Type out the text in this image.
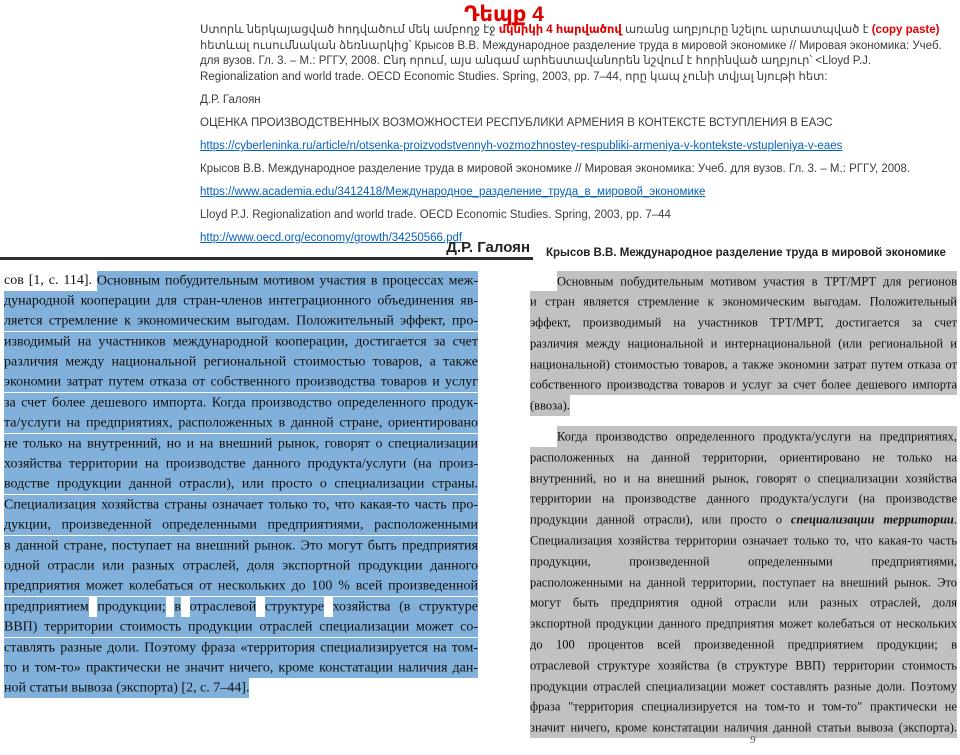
Դեպք 4
Ստորև ներկայացված հոդվածում մեկ ամբողջ էջ մկնիկի 4 հարվածով առանց աղբյուրը նշելու արտատպված է (copy paste) հետևալ ուսումնական ձեռնարկից՝ Крысов В.В. Международное разделение труда в мировой экономике // Мировая экономика: Учеб. для вузов. Гл. 3. – М.: РГГУ, 2008. Ընդ որում, այս անգամ արհեստավանորեն նշվում է հորինված աղբյուր՝ <Lloyd P.J. Regionalization and world trade. OECD Economic Studies. Spring, 2003, pp. 7–44, որը կապ չունի տվյալ նյութի հետ:
Д.Р. Галоян
ОЦЕНКА ПРОИЗВОДСТВЕННЫХ ВОЗМОЖНОСТЕЙ РЕСПУБЛИКИ АРМЕНИЯ В КОНТЕКСТЕ ВСТУПЛЕНИЯ В ЕАЭС
https://cyberleninka.ru/article/n/otsenka-proizvodstvennyh-vozmozhnostey-respubliki-armeniya-v-kontekste-vstupleniya-v-eaes
Крысов В.В. Международное разделение труда в мировой экономике // Мировая экономика: Учеб. для вузов. Гл. 3. – М.: РГГУ, 2008.
https://www.academia.edu/3412418/Международное_разделение_труда_в_мировой_экономике
Lloyd P.J. Regionalization and world trade. OECD Economic Studies. Spring, 2003, pp. 7–44
http://www.oecd.org/economy/growth/34250566.pdf
Д.Р. Галоян Крысов В.В. Международное разделение труда в мировой экономике
сов [1, с. 114]. Основным побудительным мотивом участия в процессах меж-
дународной кооперации для стран-членов интеграционного объединения яв-
ляется стремление к экономическим выгодам. Положительный эффект, про-
изводимый на участников международной кооперации, достигается за счет
различия между национальной региональной стоимостью товаров, а также
экономии затрат путем отказа от собственного производства товаров и услуг
за счет более дешевого импорта. Когда производство определенного продук-
та/услуги на предприятиях, расположенных в данной стране, ориентировано
не только на внутренний, но и на внешний рынок, говорят о специализации
хозяйства территории на производстве данного продукта/услуги (на произ-
водстве продукции данной отрасли), или просто о специализации страны.
Специализация хозяйства страны означает только то, что какая-то часть про-
дукции, произведенной определенными предприятиями, расположенными
в данной стране, поступает на внешний рынок. Это могут быть предприятия
одной отрасли или разных отраслей, доля экспортной продукции данного
предприятия может колебаться от нескольких до 100 % всей произведенной
предприятием продукции; в отраслевой структуре хозяйства (в структуре
ВВП) территории стоимость продукции отраслей специализации может со-
ставлять разные доли. Поэтому фраза «территория специализируется на том-
то и том-то» практически не значит ничего, кроме констатации наличия дан-
ной статьи вывоза (экспорта) [2, с. 7–44].
Основным побудительным мотивом участия в ТРТ/МРТ для регионов
и стран является стремление к экономическим выгодам. Положительный
эффект, производимый на участников ТРТ/МРТ, достигается за счет
различия между национальной и интернациональной (или региональной и
национальной) стоимостью товаров, а также экономии затрат путем отказа от
собственного производства товаров и услуг за счет более дешевого импорта
(ввоза).
Когда производство определенного продукта/услуги на предприятиях,
расположенных на данной территории, ориентировано не только на
внутренний, но и на внешний рынок, говорят о специализации хозяйства
территории на производстве данного продукта/услуги (на производстве
продукции данной отрасли), или просто о специализации территории.
Специализация хозяйства территории означает только то, что какая-то часть
продукции, произведенной определенными предприятиями,
расположенными на данной территории, поступает на внешний рынок. Это
могут быть предприятия одной отрасли или разных отраслей, доля
экспортной продукции данного предприятия может колебаться от нескольких
до 100 процентов всей произведенной предприятием продукции; в
отраслевой структуре хозяйства (в структуре ВВП) территории стоимость
продукции отраслей специализации может составлять разные доли. Поэтому
фраза "территория специализируется на том-то и том-то" практически не
значит ничего, кроме констатации наличия данной статьи вывоза (экспорта).
9
